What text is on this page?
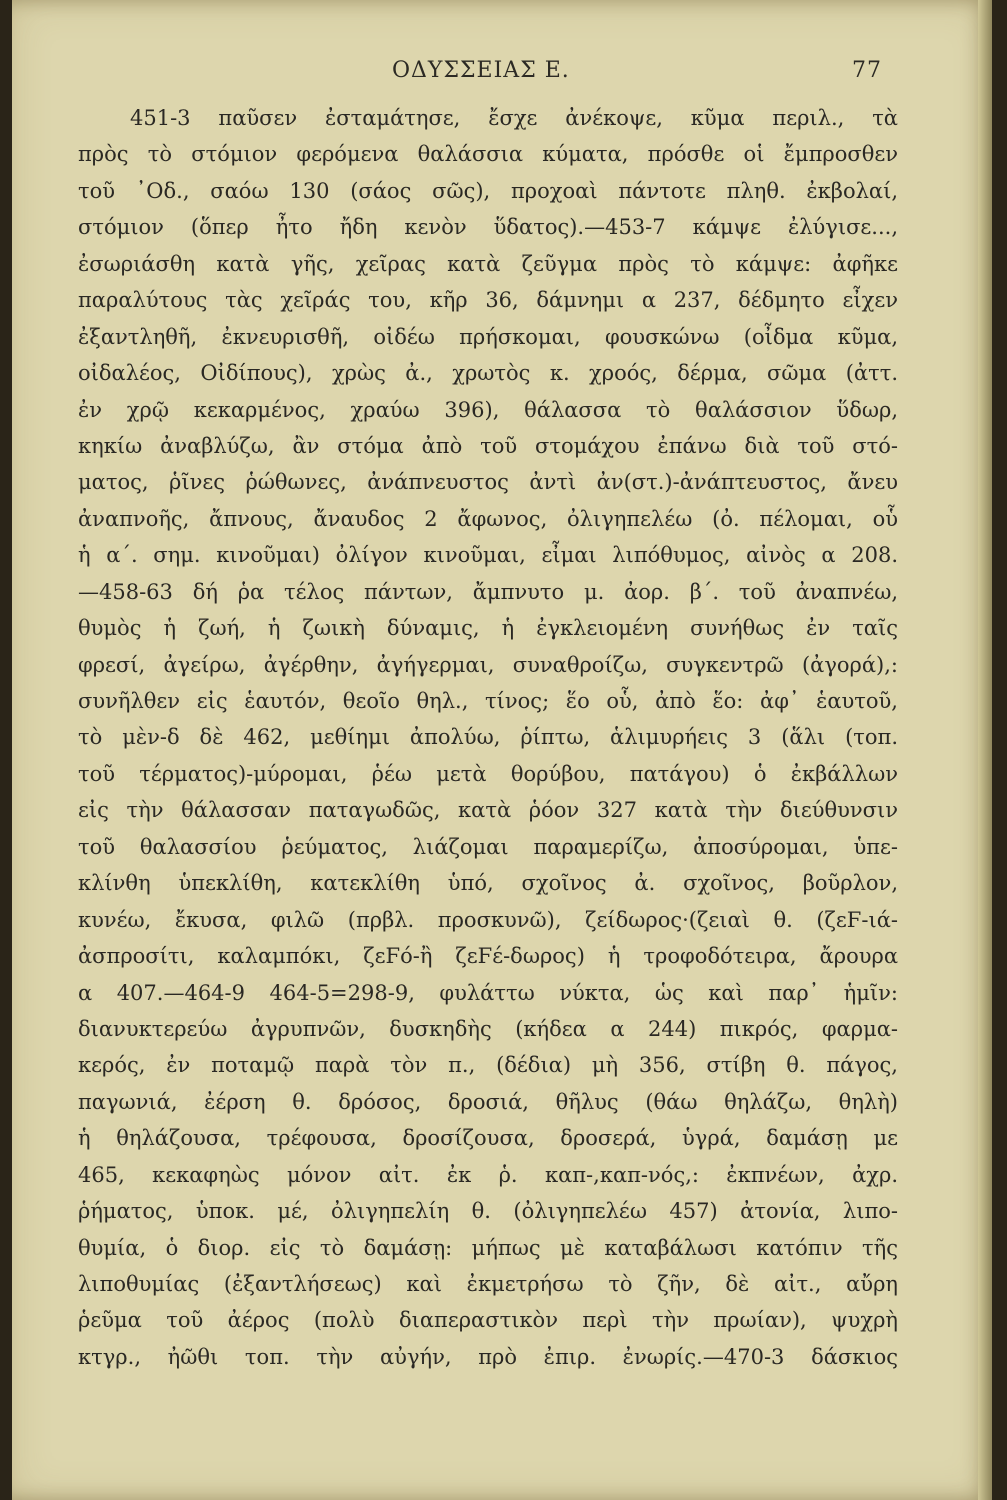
ΟΔΥΣΣΕΙΑΣ Ε.	77
451-3 παῦσεν ἐσταμάτησε, ἔσχε ἀνέκοψε, κῦμα περιλ., τὰ
πρὸς τὸ στόμιον φερόμενα θαλάσσια κύματα, πρόσθε οἱ ἔμπροσθεν
τοῦ ᾿Οδ., σαόω 130 (σάος σῶς), προχοαὶ πάντοτε πληθ. ἐκβολαί,
στόμιον (ὅπερ ἦτο ἤδη κενὸν ὕδατος).—453-7 κάμψε ἐλύγισε...,
ἐσωριάσθη κατὰ γῆς, χεῖρας κατὰ ζεῦγμα πρὸς τὸ κάμψε: ἀφῆκε
παραλύτους τὰς χεῖράς του, κῆρ 36, δάμνημι α 237, δέδμητο εἶχεν
ἐξαντληθῆ, ἐκνευρισθῆ, οἰδέω πρήσκομαι, φουσκώνω (οἶδμα κῦμα,
οἰδαλέος, Οἰδίπους), χρὼς ἀ., χρωτὸς κ. χροός, δέρμα, σῶμα (ἀττ.
ἐν χρῷ κεκαρμένος, χραύω 396), θάλασσα τὸ θαλάσσιον ὕδωρ,
κηκίω ἀναβλύζω, ἂν στόμα ἀπὸ τοῦ στομάχου ἐπάνω διὰ τοῦ στό-
ματος, ῥῖνες ῥώθωνες, ἀνάπνευστος ἀντὶ ἀν(στ.)-ἀνάπτευστος, ἄνευ
ἀναπνοῆς, ἄπνους, ἄναυδος 2 ἄφωνος, ὀλιγηπελέω (ὀ. πέλομαι, οὗ
ἡ α΄. σημ. κινοῦμαι) ὀλίγον κινοῦμαι, εἶμαι λιπόθυμος, αἰνὸς α 208.
—458-63 δή ῥα τέλος πάντων, ἄμπνυτο μ. ἀορ. β΄. τοῦ ἀναπνέω,
θυμὸς ἡ ζωή, ἡ ζωικὴ δύναμις, ἡ ἐγκλειομένη συνήθως ἐν ταῖς
φρεσί, ἀγείρω, ἀγέρθην, ἀγήγερμαι, συναθροίζω, συγκεντρῶ (ἀγορά),:
συνῆλθεν εἰς ἑαυτόν, θεοῖο θηλ., τίνος; ἕο οὗ, ἀπὸ ἕο: ἀφ᾿ ἑαυτοῦ,
τὸ μὲν-δ δὲ 462, μεθίημι ἀπολύω, ῥίπτω, ἁλιμυρήεις 3 (ἅλι (τοπ.
τοῦ τέρματος)-μύρομαι, ῥέω μετὰ θορύβου, πατάγου) ὁ ἐκβάλλων
εἰς τὴν θάλασσαν παταγωδῶς, κατὰ ῥόον 327 κατὰ τὴν διεύθυνσιν
τοῦ θαλασσίου ῥεύματος, λιάζομαι παραμερίζω, ἀποσύρομαι, ὑπε-
κλίνθη ὑπεκλίθη, κατεκλίθη ὑπό, σχοῖνος ἀ. σχοῖνος, βοῦρλον,
κυνέω, ἔκυσα, φιλῶ (πρβλ. προσκυνῶ), ζείδωρος·(ζειαὶ θ. (ζεϜ-ιά-
ἀσπροσίτι, καλαμπόκι, ζεϜό-ἢ ζεϜέ-δωρος) ἡ τροφοδότειρα, ἄρουρα
α 407.—464-9 464-5=298-9, φυλάττω νύκτα, ὡς καὶ παρ᾿ ἡμῖν:
διανυκτερεύω ἀγρυπνῶν, δυσκηδὴς (κήδεα α 244) πικρός, φαρμα-
κερός, ἐν ποταμῷ παρὰ τὸν π., (δέδια) μὴ 356, στίβη θ. πάγος,
παγωνιά, ἐέρση θ. δρόσος, δροσιά, θῆλυς (θάω θηλάζω, θηλὴ)
ἡ θηλάζουσα, τρέφουσα, δροσίζουσα, δροσερά, ὑγρά, δαμάσῃ με
465, κεκαφηὼς μόνον αἰτ. ἐκ ῥ. καπ-,καπ-νός,: ἐκπνέων, ἀχρ.
ῥήματος, ὑποκ. μέ, ὀλιγηπελίη θ. (ὀλιγηπελέω 457) ἀτονία, λιπο-
θυμία, ὁ διορ. εἰς τὸ δαμάσῃ: μήπως μὲ καταβάλωσι κατόπιν τῆς
λιποθυμίας (ἐξαντλήσεως) καὶ ἐκμετρήσω τὸ ζῆν, δὲ αἰτ., αὔρη
ῥεῦμα τοῦ ἀέρος (πολὺ διαπεραστικὸν περὶ τὴν πρωίαν), ψυχρὴ
κτγρ., ἠῶθι τοπ. τὴν αὐγήν, πρὸ ἐπιρ. ἐνωρίς.—470-3 δάσκιος
